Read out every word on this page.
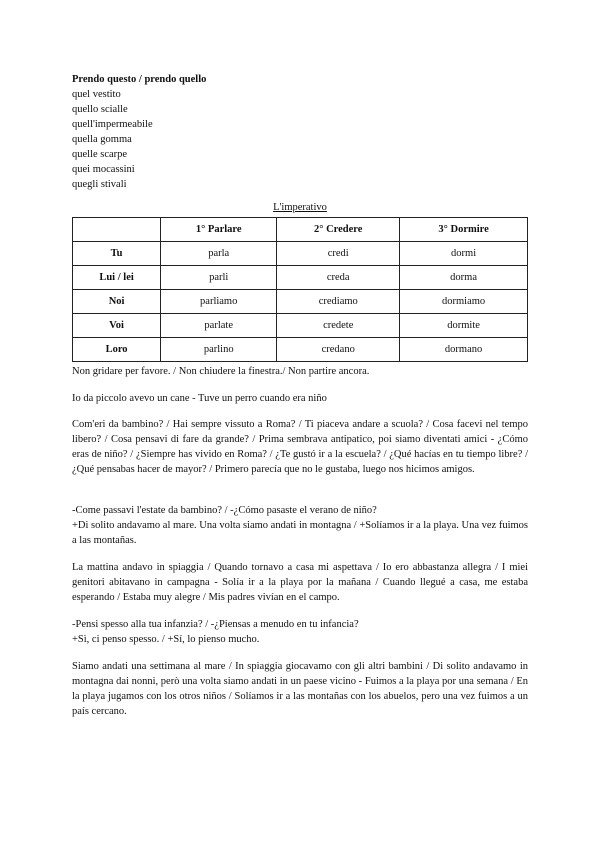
Prendo questo / prendo quello
quel vestito
quello scialle
quell'impermeabile
quella gomma
quelle scarpe
quei mocassini
quegli stivali
L'imperativo
	1° Parlare	2° Credere	3° Dormire
Tu	parla	credi	dormi
Lui / lei	parli	creda	dorma
Noi	parliamo	crediamo	dormiamo
Voi	parlate	credete	dormite
Loro	parlino	credano	dormano

Non gridare per favore. / Non chiudere la finestra./ Non partire ancora.

Io da piccolo avevo un cane - Tuve un perro cuando era niño

Com'eri da bambino? / Hai sempre vissuto a Roma? / Ti piaceva andare a scuola? / Cosa facevi nel tempo libero? / Cosa pensavi di fare da grande? / Prima sembrava antipatico, poi siamo diventati amici - ¿Cómo eras de niño? / ¿Siempre has vivido en Roma? / ¿Te gustó ir a la escuela? / ¿Qué hacías en tu tiempo libre? / ¿Qué pensabas hacer de mayor? / Primero parecía que no le gustaba, luego nos hicimos amigos.

-Come passavi l'estate da bambino? / -¿Cómo pasaste el verano de niño?
+Di solito andavamo al mare. Una volta siamo andati in montagna / +Solíamos ir a la playa. Una vez fuimos a las montañas.

La mattina andavo in spiaggia / Quando tornavo a casa mi aspettava / Io ero abbastanza allegra / I miei genitori abitavano in campagna - Solía ir a la playa por la mañana / Cuando llegué a casa, me estaba esperando / Estaba muy alegre / Mis padres vivían en el campo.

-Pensi spesso alla tua infanzia? / -¿Piensas a menudo en tu infancia?
+Sì, ci penso spesso. / +Sí, lo pienso mucho.

Siamo andati una settimana al mare / In spiaggia giocavamo con gli altri bambini / Di solito andavamo in montagna dai nonni, però una volta siamo andati in un paese vicino - Fuimos a la playa por una semana / En la playa jugamos con los otros niños / Solíamos ir a las montañas con los abuelos, pero una vez fuimos a un país cercano.
